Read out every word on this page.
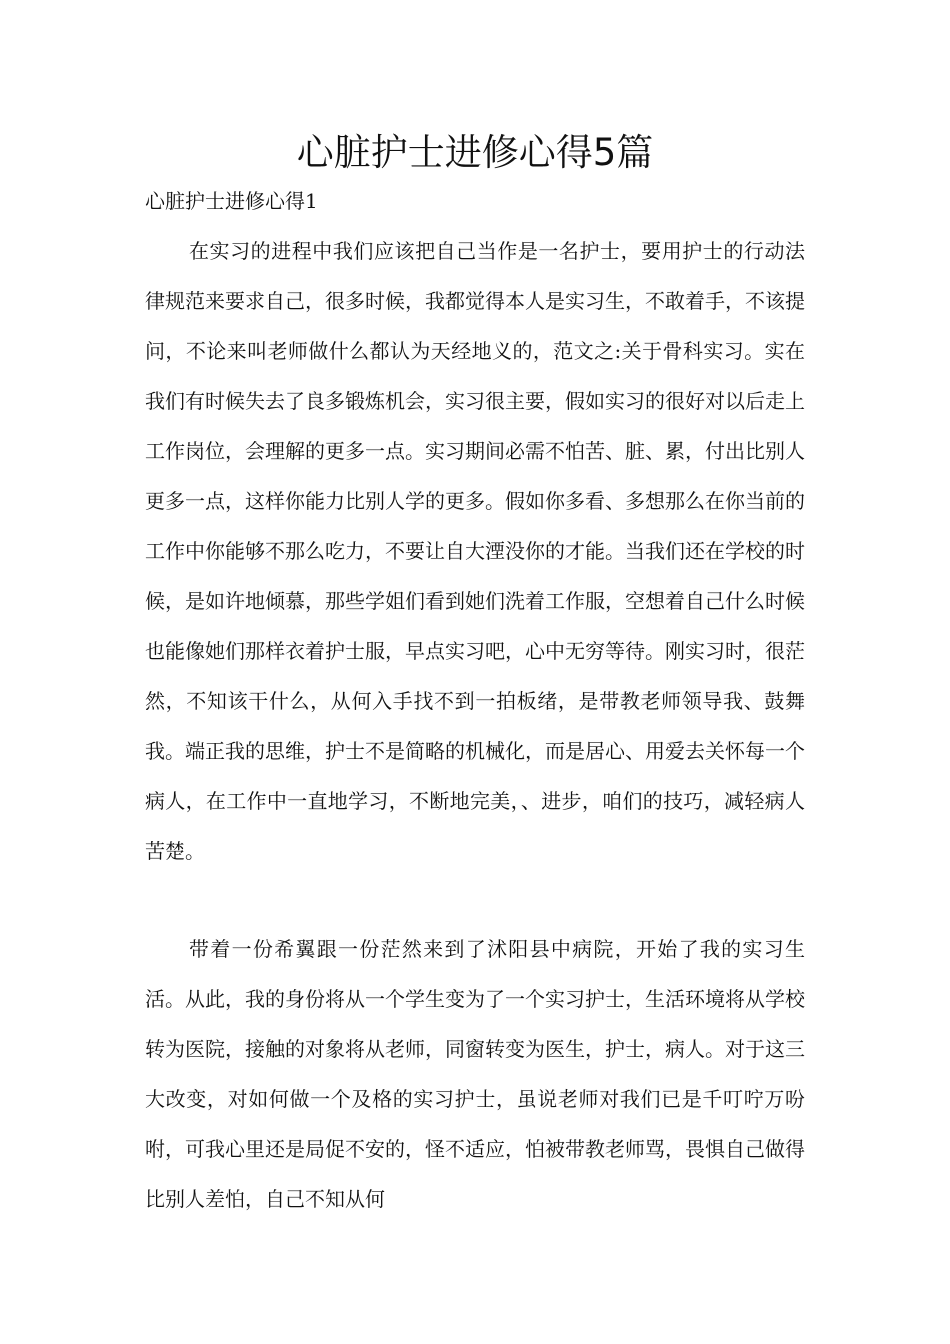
心脏护士进修心得5篇
心脏护士进修心得1

在实习的进程中我们应该把自己当作是一名护士，要用护士的行动法律规范来要求自己，很多时候，我都觉得本人是实习生，不敢着手，不该提问，不论来叫老师做什么都认为天经地义的，范文之:关于骨科实习。实在我们有时候失去了良多锻炼机会，实习很主要，假如实习的很好对以后走上工作岗位，会理解的更多一点。实习期间必需不怕苦、脏、累，付出比别人更多一点，这样你能力比别人学的更多。假如你多看、多想那么在你当前的工作中你能够不那么吃力，不要让自大湮没你的才能。当我们还在学校的时候，是如许地倾慕，那些学姐们看到她们洗着工作服，空想着自己什么时候也能像她们那样衣着护士服，早点实习吧，心中无穷等待。刚实习时，很茫然，不知该干什么，从何入手找不到一拍板绪，是带教老师领导我、鼓舞我。端正我的思维，护士不是简略的机械化，而是居心、用爱去关怀每一个病人，在工作中一直地学习，不断地完美，、进步，咱们的技巧，减轻病人苦楚。

带着一份希翼跟一份茫然来到了沭阳县中病院，开始了我的实习生活。从此，我的身份将从一个学生变为了一个实习护士，生活环境将从学校转为医院，接触的对象将从老师，同窗转变为医生，护士，病人。对于这三大改变，对如何做一个及格的实习护士，虽说老师对我们已是千叮咛万吩咐，可我心里还是局促不安的，怪不适应，怕被带教老师骂，畏惧自己做得比别人差怕，自己不知从何
